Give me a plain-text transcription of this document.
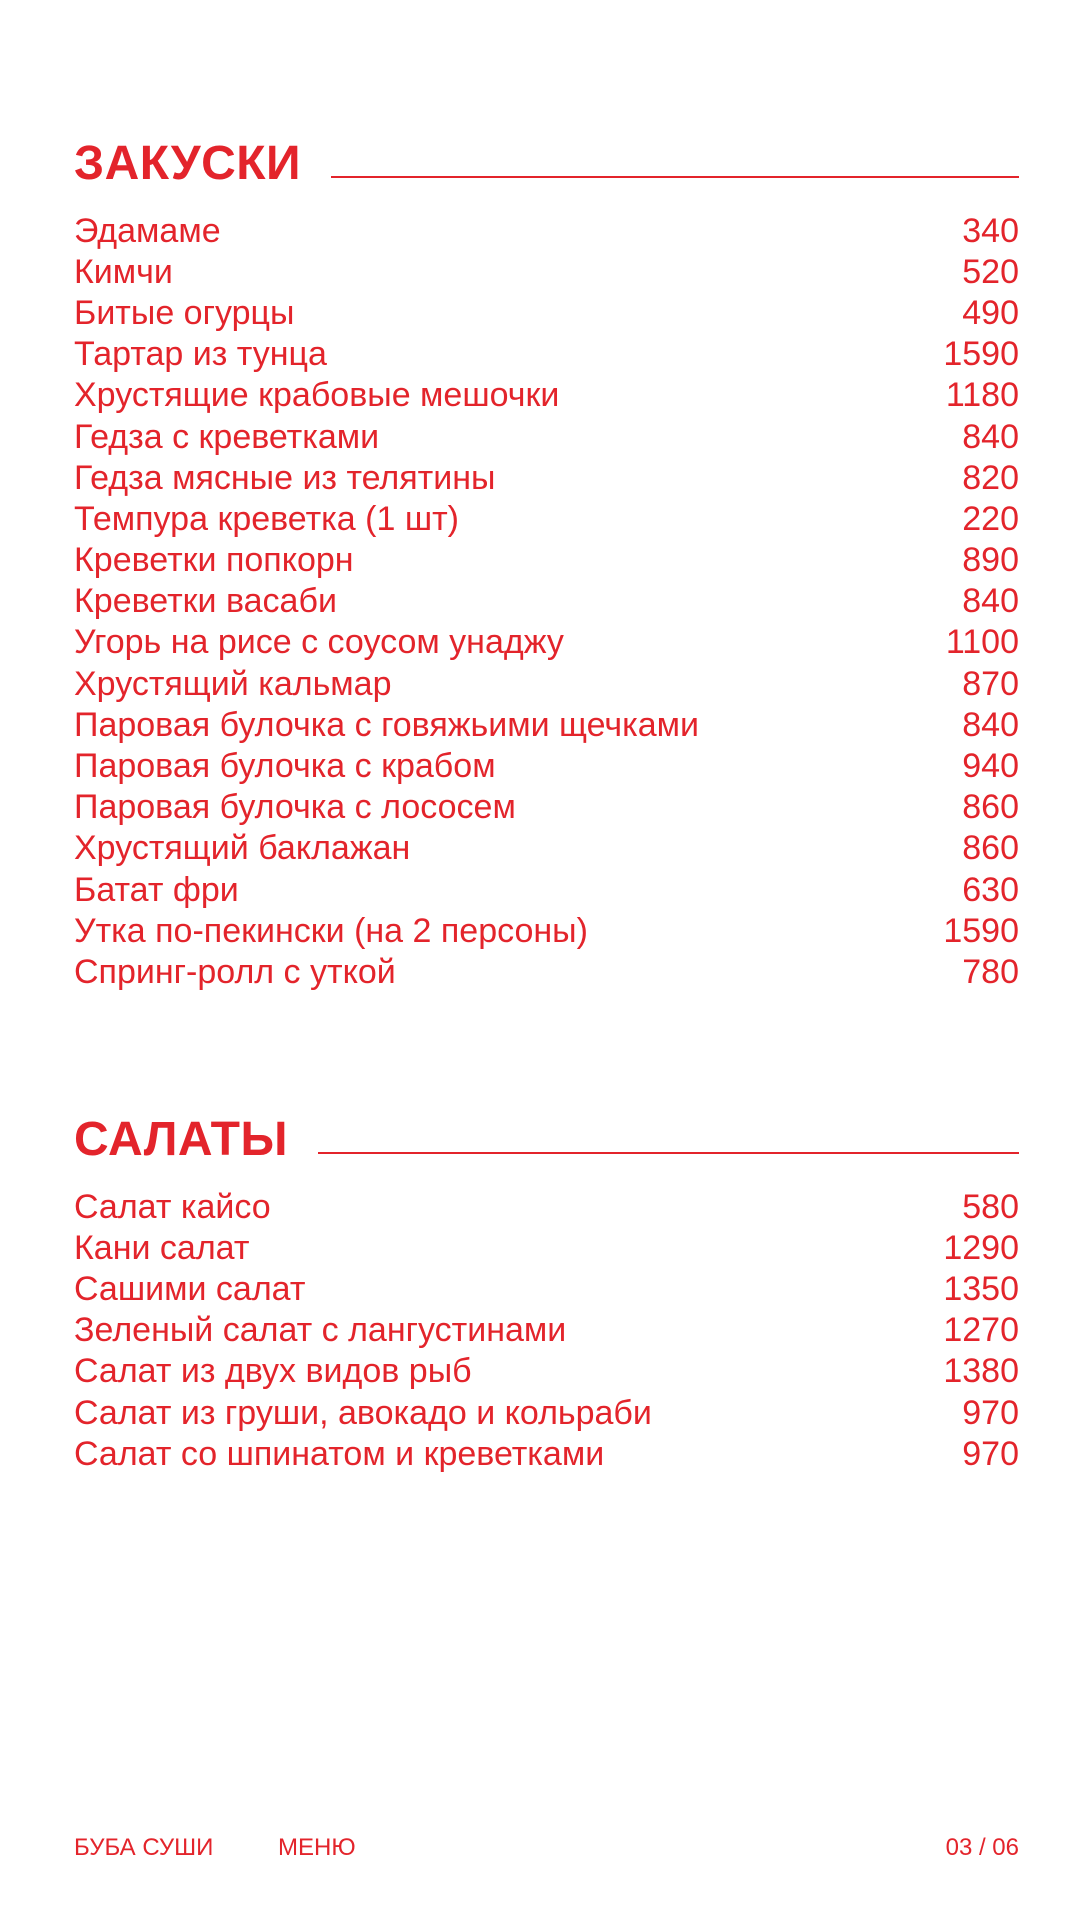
ЗАКУСКИ
Эдамаме	340
Кимчи	520
Битые огурцы	490
Тартар из тунца	1590
Хрустящие крабовые мешочки	1180
Гедза с креветками	840
Гедза мясные из телятины	820
Темпура креветка (1 шт)	220
Креветки попкорн	890
Креветки васаби	840
Угорь на рисе с соусом унаджу	1100
Хрустящий кальмар	870
Паровая булочка с говяжьими щечками	840
Паровая булочка с крабом	940
Паровая булочка с лососем	860
Хрустящий баклажан	860
Батат фри	630
Утка по-пекински (на 2 персоны)	1590
Спринг-ролл с уткой	780
САЛАТЫ
Салат кайсо	580
Кани салат	1290
Сашими салат	1350
Зеленый салат с лангустинами	1270
Салат из двух видов рыб	1380
Салат из груши, авокадо и кольраби	970
Салат со шпинатом и креветками	970
БУБА СУШИ	МЕНЮ	03 / 06
